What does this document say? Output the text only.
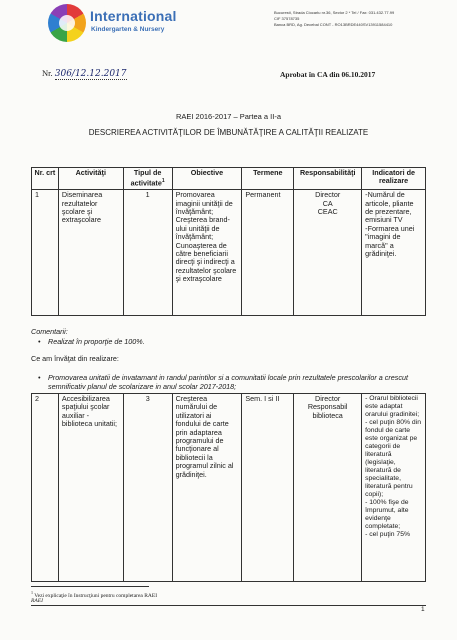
International
Kindergarten & Nursery
Bucuresti, Strada Ciocarlu nr.36, Sector 2 * Tel / Fax: 031.432.77.99
CIF 37578735
Banca BRD, Ag. Decebal CONT - RO13BRDE440SV13911584410
Nr. 306/12.12.2017	Aprobat în CA din 06.10.2017
RAEI 2016-2017 – Partea a II-a
DESCRIEREA ACTIVITĂŢILOR DE ÎMBUNĂTĂŢIRE A CALITĂŢII REALIZATE
Nr. crt	Activităţi	Tipul de activitate$^1$	Obiective	Termene	Responsabilităţi	Indicatori de realizare
1	Diseminarea rezultatelor şcolare şi extraşcolare	1	Promovarea imaginii unităţii de învăţământ;
Creşterea brand-ului unităţii de învăţământ;
Cunoaşterea de către beneficiarii direcţi şi indirecţi a rezultatelor şcolare şi extraşcolare	Permanent	Director
CA
CEAC	-Numărul de articole, pliante de prezentare, emisiuni TV
-Formarea unei "imagini de marcă" a grădiniţei.
Comentarii:
• Realizat în proporţie de 100%.
Ce am învăţat din realizare:
• Promovarea unitatii de invatamant in randul parintilor si a comunitatii locale prin rezultatele prescolarilor a crescut semnificativ planul de scolarizare in anul scolar 2017-2018;
2	Accesibilizarea spaţiului şcolar auxiliar - biblioteca unitatii;	3	Creşterea numărului de utilizatori ai fondului de carte prin adaptarea programului de funcţionare al bibliotecii la programul zilnic al grădiniţei.	Sem. I si II	Director
Responsabil biblioteca	- Orarul bibliotecii este adaptat orarului gradinitei;
- cel puţin 80% din fondul de carte este organizat pe categorii de literatură (legislaţie, literatură de specialitate, literatură pentru copii);
- 100% fişe de împrumut, alte evidenţe completate;
- cel puţin 75%
$^1$ Vezi explicaţie în Instrucţiuni pentru completarea RAEI
RAEI
1
